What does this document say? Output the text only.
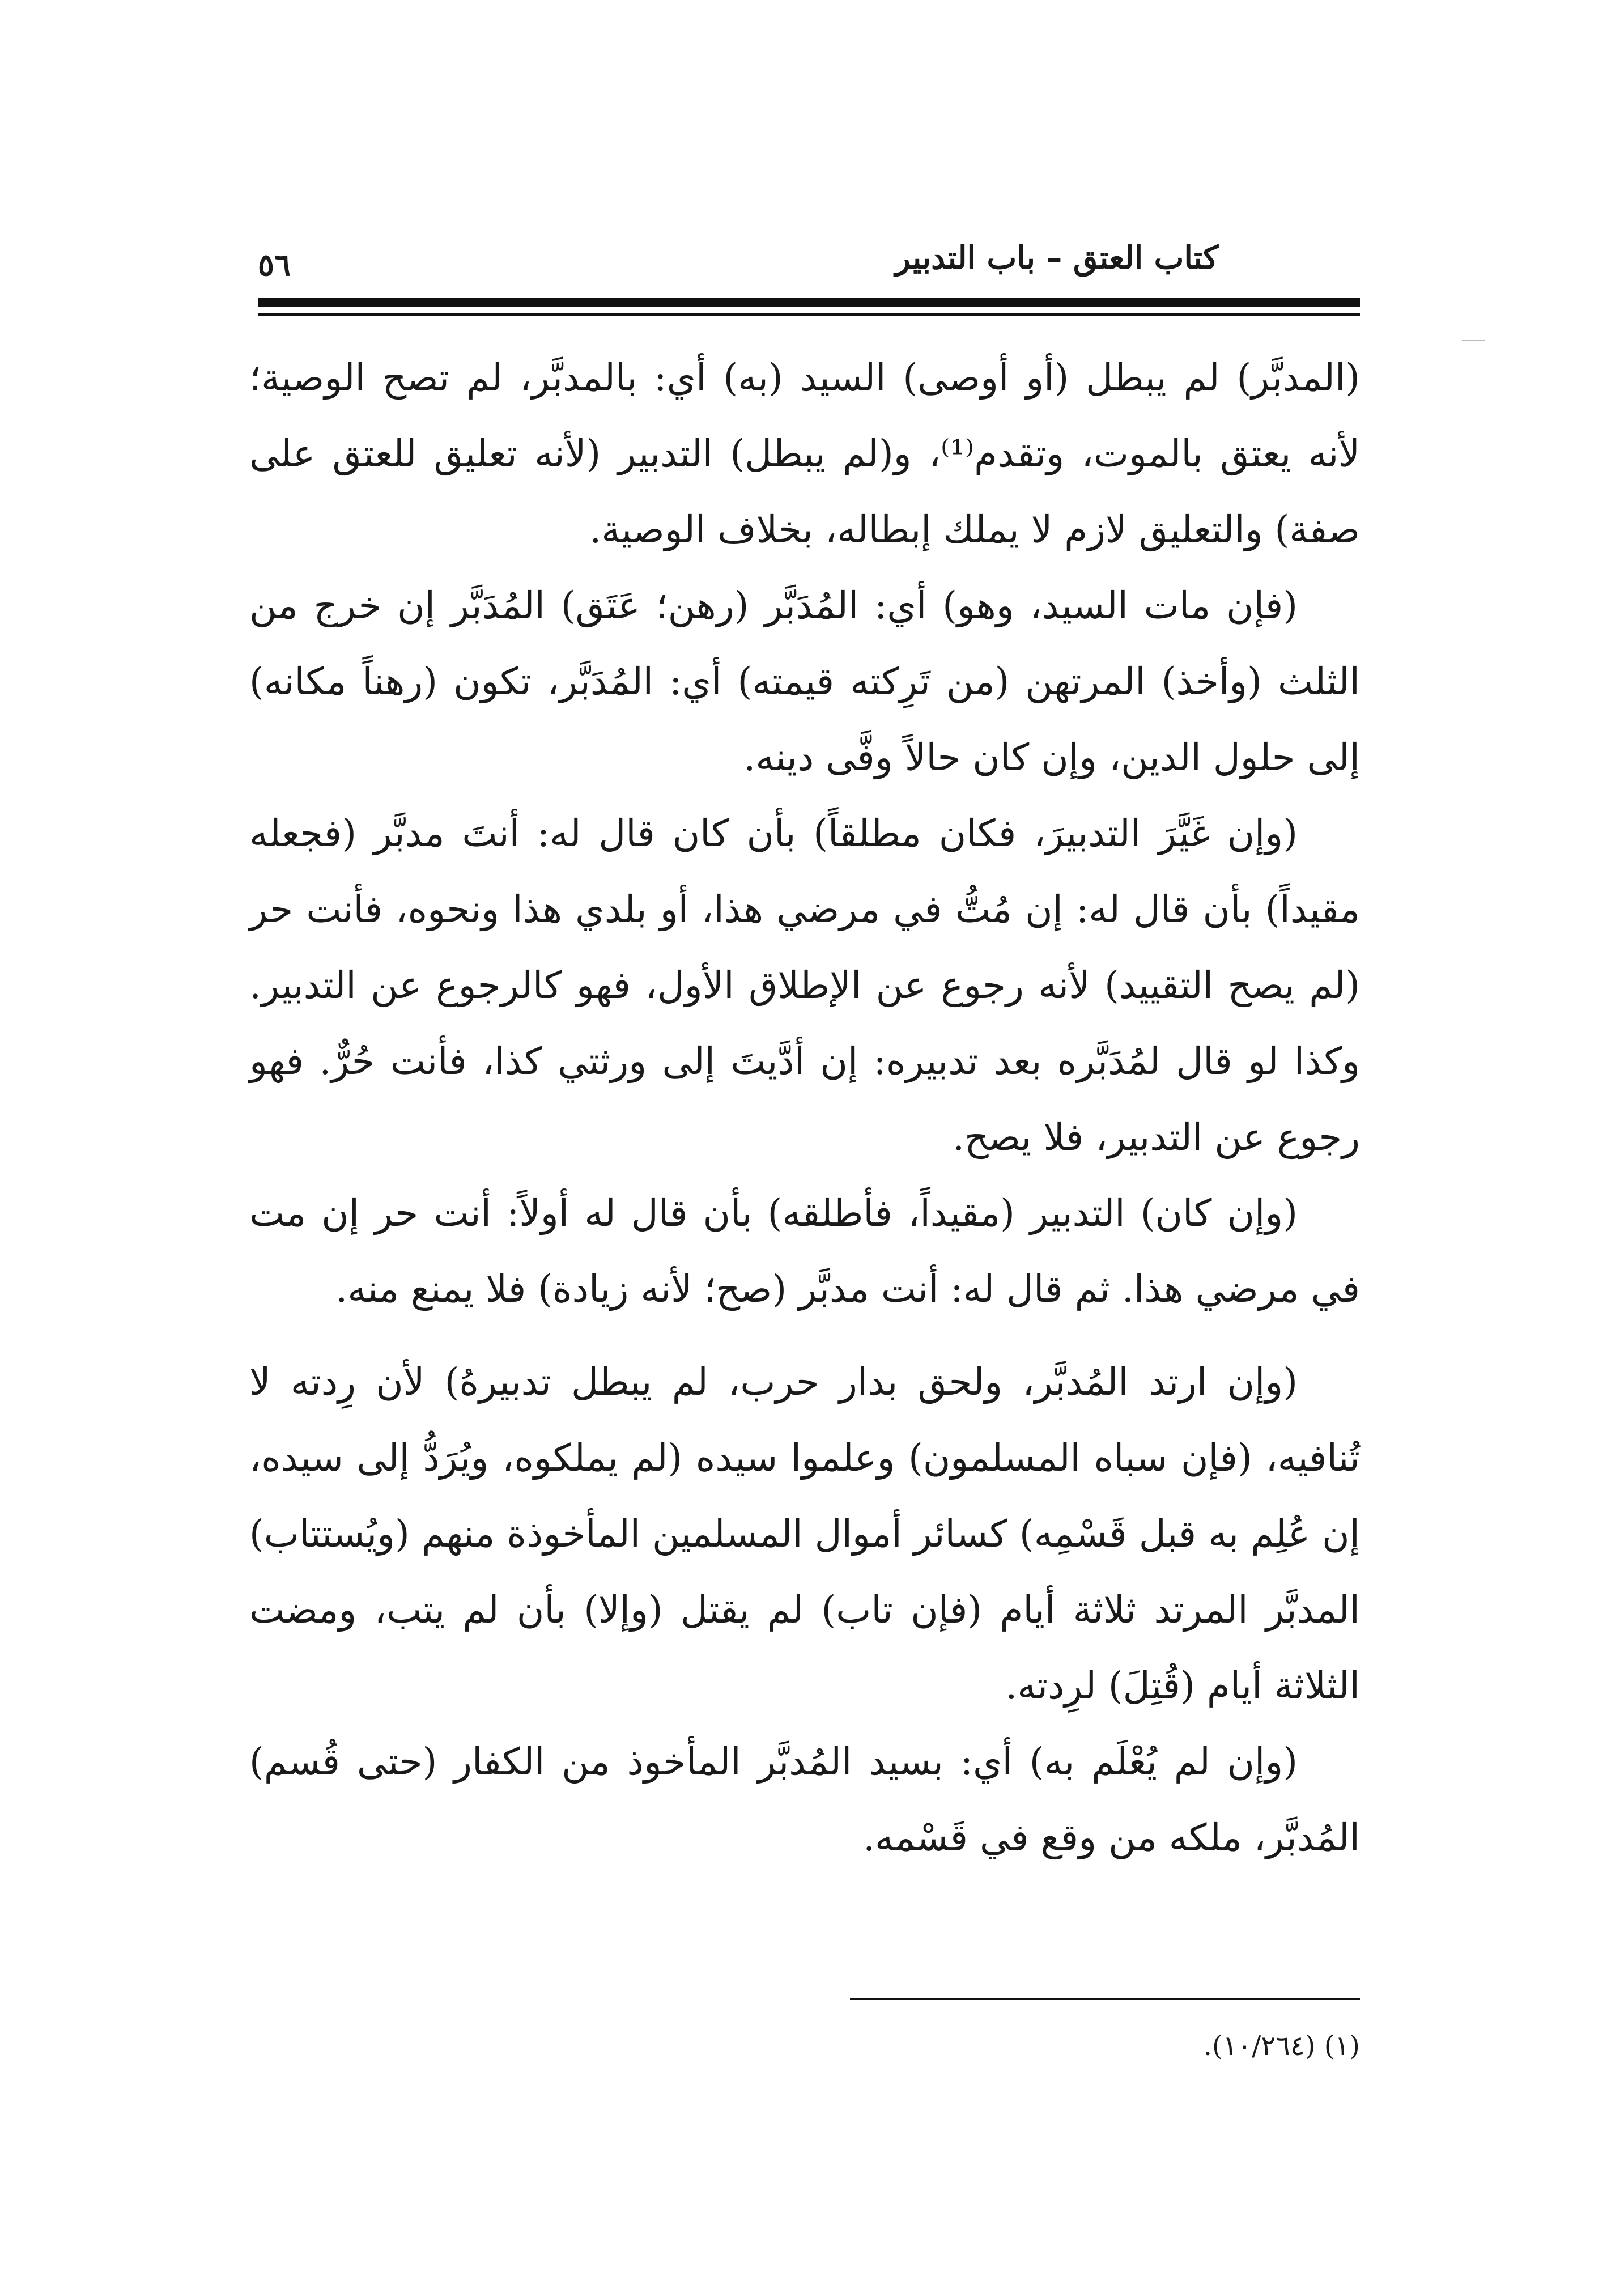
كتاب العتق – باب التدبير
٥٦

(المدبَّر) لم يبطل (أو أوصى) السيد (به) أي: بالمدبَّر، لم تصح الوصية؛ لأنه يعتق بالموت، وتقدم⁽¹⁾، و(لم يبطل) التدبير (لأنه تعليق للعتق على صفة) والتعليق لازم لا يملك إبطاله، بخلاف الوصية.

(فإن مات السيد، وهو) أي: المُدَبَّر (رهن؛ عَتَق) المُدَبَّر إن خرج من الثلث (وأخذ) المرتهن (من تَرِكته قيمته) أي: المُدَبَّر، تكون (رهناً مكانه) إلى حلول الدين، وإن كان حالاً وفَّى دينه.

(وإن غَيَّرَ التدبيرَ، فكان مطلقاً) بأن كان قال له: أنتَ مدبَّر (فجعله مقيداً) بأن قال له: إن مُتُّ في مرضي هذا، أو بلدي هذا ونحوه، فأنت حر (لم يصح التقييد) لأنه رجوع عن الإطلاق الأول، فهو كالرجوع عن التدبير. وكذا لو قال لمُدَبَّره بعد تدبيره: إن أدَّيتَ إلى ورثتي كذا، فأنت حُرٌّ. فهو رجوع عن التدبير، فلا يصح.

(وإن كان) التدبير (مقيداً، فأطلقه) بأن قال له أولاً: أنت حر إن مت في مرضي هذا. ثم قال له: أنت مدبَّر (صح؛ لأنه زيادة) فلا يمنع منه.

(وإن ارتد المُدبَّر، ولحق بدار حرب، لم يبطل تدبيرهُ) لأن رِدته لا تُنافيه، (فإن سباه المسلمون) وعلموا سيده (لم يملكوه، ويُرَدُّ إلى سيده، إن عُلِم به قبل قَسْمِه) كسائر أموال المسلمين المأخوذة منهم (ويُستتاب) المدبَّر المرتد ثلاثة أيام (فإن تاب) لم يقتل (وإلا) بأن لم يتب، ومضت الثلاثة أيام (قُتِلَ) لرِدته.

(وإن لم يُعْلَم به) أي: بسيد المُدبَّر المأخوذ من الكفار (حتى قُسم) المُدبَّر، ملكه من وقع في قَسْمه.

(١) (١٠/٢٦٤).
